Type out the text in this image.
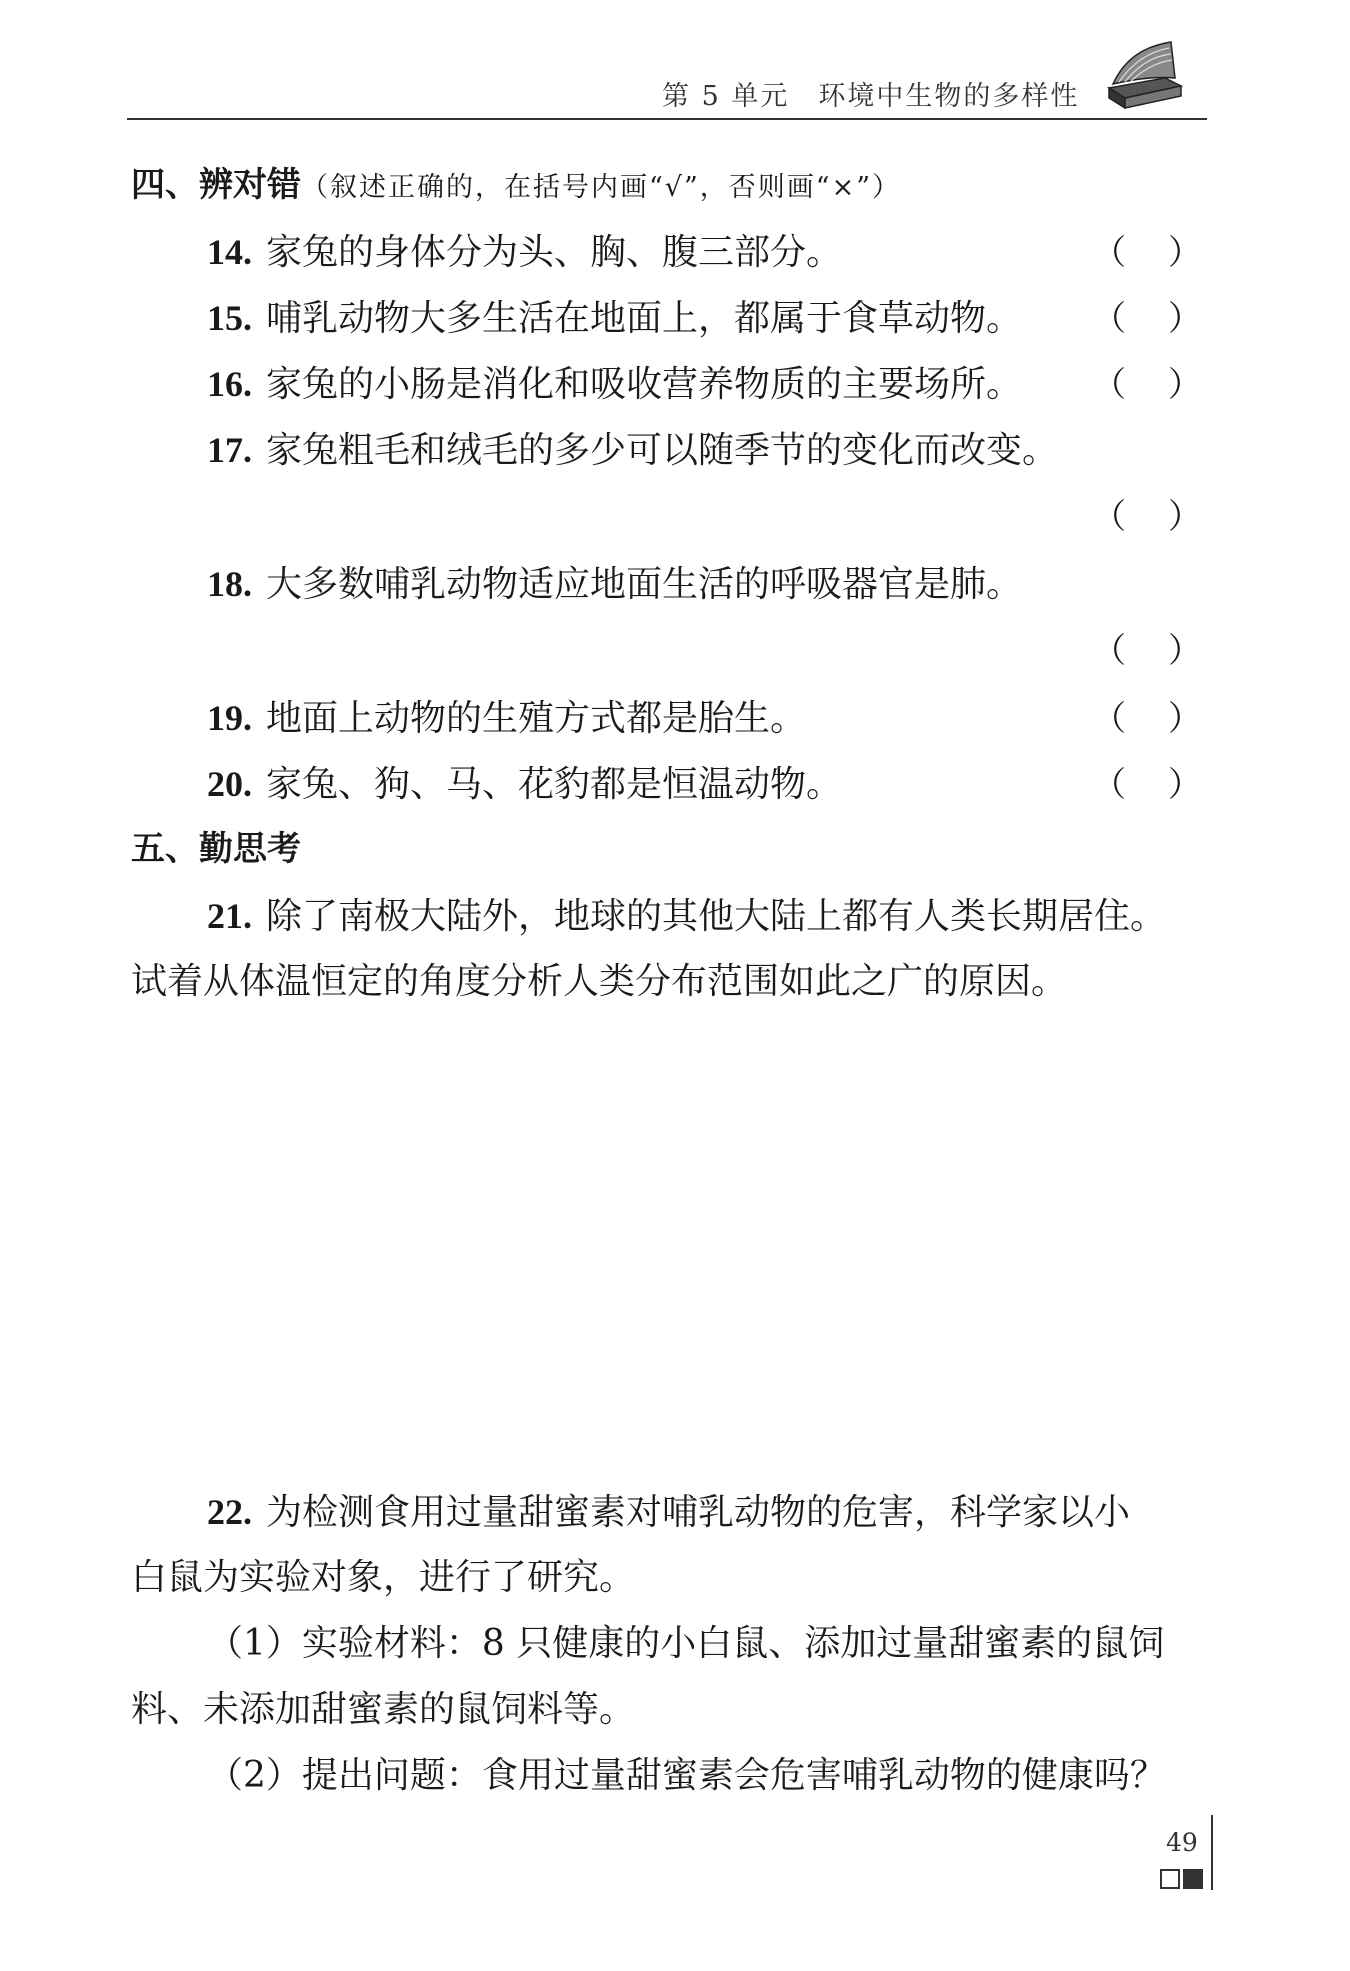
第 5 单元　环境中生物的多样性
四、辨对错（叙述正确的，在括号内画“√”，否则画“×”）
14. 家兔的身体分为头、胸、腹三部分。	（ ）
15. 哺乳动物大多生活在地面上，都属于食草动物。 （ ）
16. 家兔的小肠是消化和吸收营养物质的主要场所。 （ ）
17. 家兔粗毛和绒毛的多少可以随季节的变化而改变。
（ ）
18. 大多数哺乳动物适应地面生活的呼吸器官是肺。
（ ）
19. 地面上动物的生殖方式都是胎生。	（ ）
20. 家兔、狗、马、花豹都是恒温动物。	（ ）
五、勤思考
21. 除了南极大陆外，地球的其他大陆上都有人类长期居住。
试着从体温恒定的角度分析人类分布范围如此之广的原因。
22. 为检测食用过量甜蜜素对哺乳动物的危害，科学家以小
白鼠为实验对象，进行了研究。
（1）实验材料：8 只健康的小白鼠、添加过量甜蜜素的鼠饲
料、未添加甜蜜素的鼠饲料等。
（2）提出问题：食用过量甜蜜素会危害哺乳动物的健康吗？
49
